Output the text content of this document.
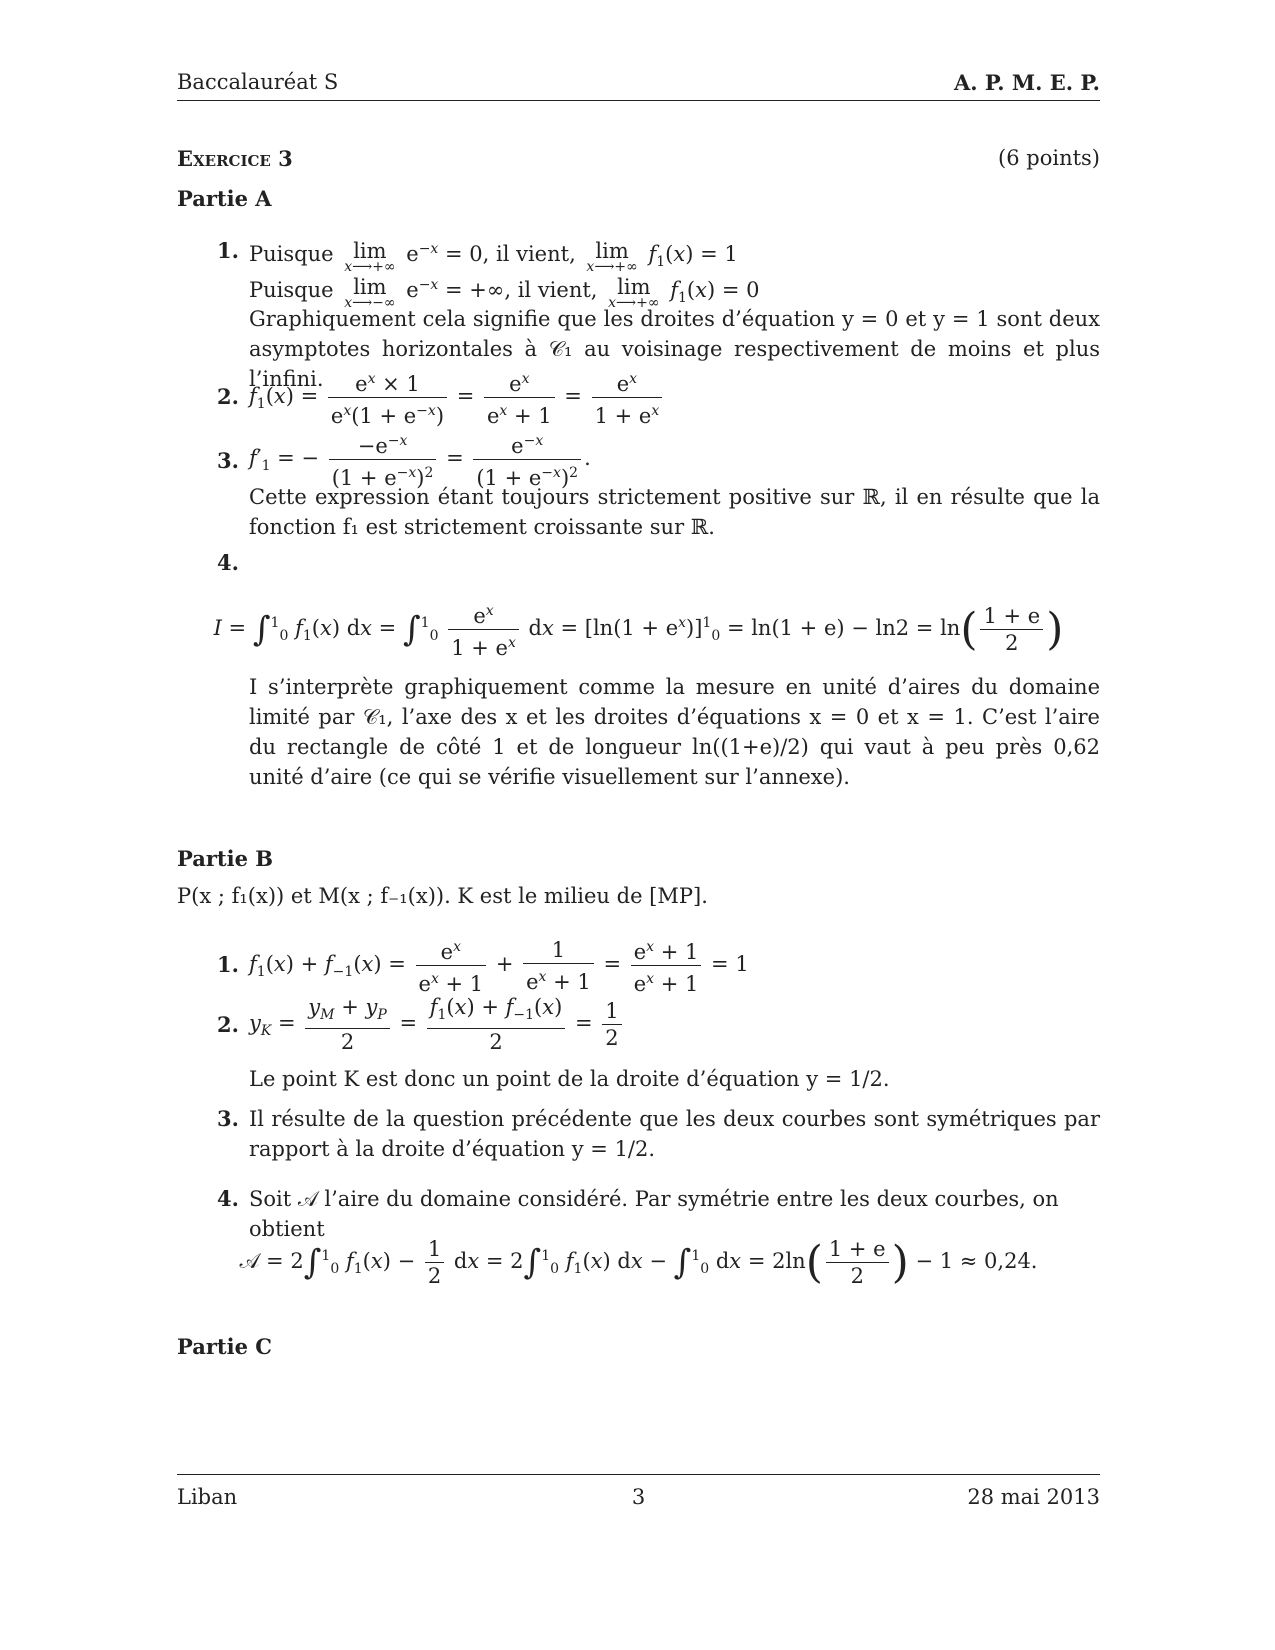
Baccalauréat S	A. P. M. E. P.
Exercice 3	(6 points)
Partie A
1. Puisque lim
x⟶+∞
$e^{-x} = 0$, il vient, lim
x⟶+∞
$f_1(x) = 1$
Puisque lim
x⟶−∞
$e^{-x}$ = +∞, il vient, lim
x⟶+∞
$f_1(x) = 0$
Graphiquement cela signifie que les droites d’équation y = 0 et y = 1 sont deux asymptotes horizontales à 𝒞₁ au voisinage respectivement de moins et plus l’infini.
2. $f_1(x) = \frac{e^x \times 1}{e^x(1 + e^{-x})} = \frac{e^x}{e^x + 1} = \frac{e^x}{1 + e^x}$
3. $f'_1$ = − $\frac{-e^{-x}}{(1 + e^{-x})^2} = \frac{e^{-x}}{(1 + e^{-x})^2}$ .
Cette expression étant toujours strictement positive sur ℝ, il en résulte que la fonction f₁ est strictement croissante sur ℝ.
4.
I = ∫$^1_0$ $f_1(x)$ dx = $\int^1_0 \frac{e^x}{1 + e^x}$ dx = $[\ln(1 + e^x)]^1_0 = \ln(1 + e) - \ln 2 = \ln( \frac{1 + e}{2}$ )
I s’interprète graphiquement comme la mesure en unité d’aires du domaine limité par 𝒞₁, l’axe des x et les droites d’équations x = 0 et x = 1. C’est l’aire du rectangle de côté 1 et de longueur ln((1+e)/2) qui vaut à peu près 0,62 unité d’aire (ce qui se vérifie visuellement sur l’annexe).
Partie B
P(x ; f₁(x)) et M(x ; f₋₁(x)). K est le milieu de [MP].
1. $f_1(x) + f_{-1}(x) = \frac{e^x}{e^x + 1} + \frac{1}{e^x + 1} = \frac{e^x + 1}{e^x + 1} = 1$
2. $y_K = \frac{y_M + y_P}{2} = \frac{f_1(x) + f_{-1}(x)}{2} = \frac{1}{2}$
Le point K est donc un point de la droite d’équation y = 1/2.
3. Il résulte de la question précédente que les deux courbes sont symétriques par rapport à la droite d’équation y = 1/2.
4. Soit 𝒜 l’aire du domaine considéré. Par symétrie entre les deux courbes, on obtient
𝒜 = 2∫$^1_0$ $f_1(x) - \frac{1}{2}$ dx = 2∫$^1_0$ $f_1(x)$ dx − ∫$^1_0$ dx = $2\ln( \frac{1 + e}{2}$ ) − 1 ≈ 0,24.
Partie C
Liban	3	28 mai 2013
